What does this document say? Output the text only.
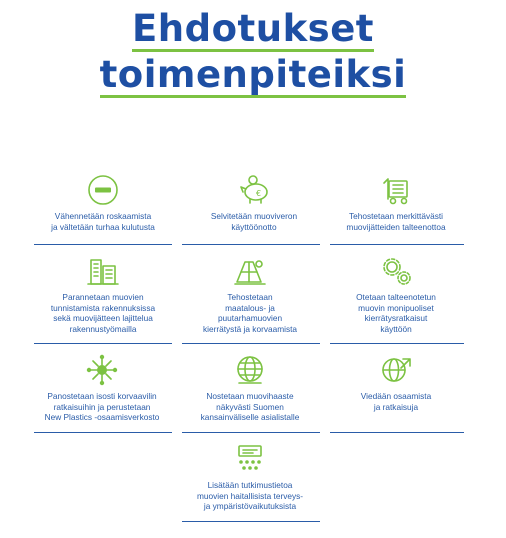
Ehdotukset
toimenpiteiksi
Vähennetään roskaamista
ja vältetään turhaa kulutusta
€
Selvitetään muoviveron
käyttöönotto
Tehostetaan merkittävästi
muovijätteiden talteenottoa
Parannetaan muovien
tunnistamista rakennuksissa
sekä muovijätteen lajittelua
rakennustyömailla
Tehostetaan
maatalous- ja
puutarhamuovien
kierrätystä ja korvaamista
Otetaan talteenotetun
muovin monipuoliset
kierrätysratkaisut
käyttöön
Panostetaan isosti korvaavilin
ratkaisuihin ja perustetaan
New Plastics -osaamisverkosto
Nostetaan muovihaaste
näkyvästi Suomen
kansainväliselle asialistalle
Viedään osaamista
ja ratkaisuja
Lisätään tutkimustietoa
muovien haitallisista terveys-
ja ympäristövaikutuksista
